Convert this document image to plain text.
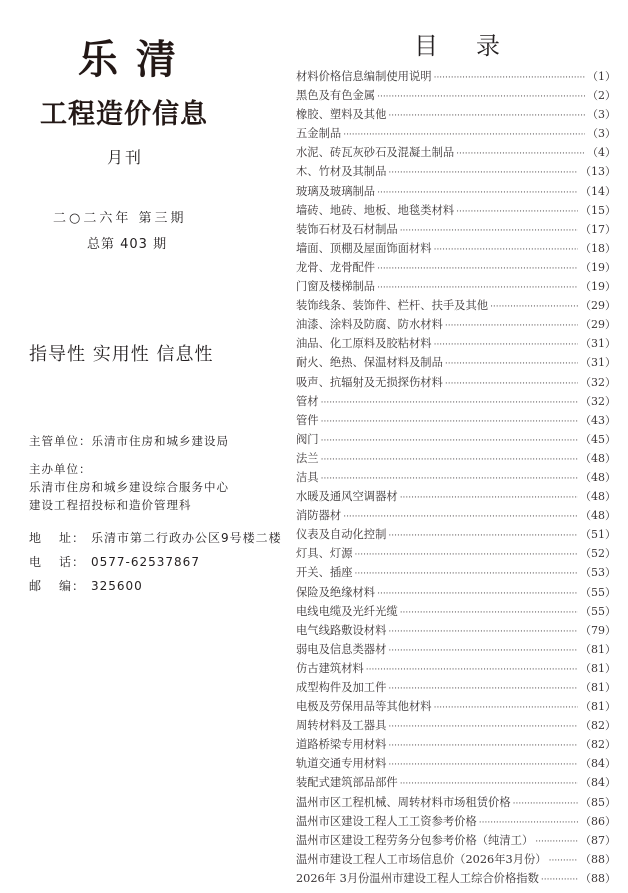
乐清
工程造价信息
月刊
二○二六年 第三期
总第 403 期
指导性 实用性 信息性
主管单位：乐清市住房和城乡建设局
主办单位：乐清市住房和城乡建设综合服务中心
建设工程招投标和造价管理科
地 址： 乐清市第二行政办公区9号楼二楼
电 话： 0577-62537867
邮 编： 325600
目录
材料价格信息编制使用说明 ·····	（1）
黑色及有色金属 ·····	（2）
橡胶、塑料及其他 ·····	（3）
五金制品 ·····	（3）
水泥、砖瓦灰砂石及混凝土制品 ·····	（4）
木、竹材及其制品 ·····	（13）
玻璃及玻璃制品 ·····	（14）
墙砖、地砖、地板、地毯类材料 ·····	（15）
装饰石材及石材制品 ·····	（17）
墙面、顶棚及屋面饰面材料 ·····	（18）
龙骨、龙骨配件 ·····	（19）
门窗及楼梯制品 ·····	（19）
装饰线条、装饰件、栏杆、扶手及其他 ·····	（29）
油漆、涂料及防腐、防水材料 ·····	（29）
油品、化工原料及胶粘材料 ·····	（31）
耐火、绝热、保温材料及制品 ·····	（31）
吸声、抗辐射及无损探伤材料 ·····	（32）
管材 ·····	（32）
管件 ·····	（43）
阀门 ·····	（45）
法兰 ·····	（48）
洁具 ·····	（48）
水暖及通风空调器材 ·····	（48）
消防器材 ·····	（48）
仪表及自动化控制 ·····	（51）
灯具、灯源 ·····	（52）
开关、插座 ·····	（53）
保险及绝缘材料 ·····	（55）
电线电缆及光纤光缆 ·····	（55）
电气线路敷设材料 ·····	（79）
弱电及信息类器材 ·····	（81）
仿古建筑材料 ·····	（81）
成型构件及加工件 ·····	（81）
电极及劳保用品等其他材料 ·····	（81）
周转材料及工器具 ·····	（82）
道路桥梁专用材料 ·····	（82）
轨道交通专用材料 ·····	（84）
装配式建筑部品部件 ·····	（84）
温州市区工程机械、周转材料市场租赁价格 ·····	（85）
温州市区建设工程人工工资参考价格 ·····	（86）
温州市区建设工程劳务分包参考价格（纯清工） ·····	（87）
温州市建设工程人工市场信息价（2026年3月份） ·····	（88）
2026年 3月份温州市建设工程人工综合价格指数 ·····	（88）
